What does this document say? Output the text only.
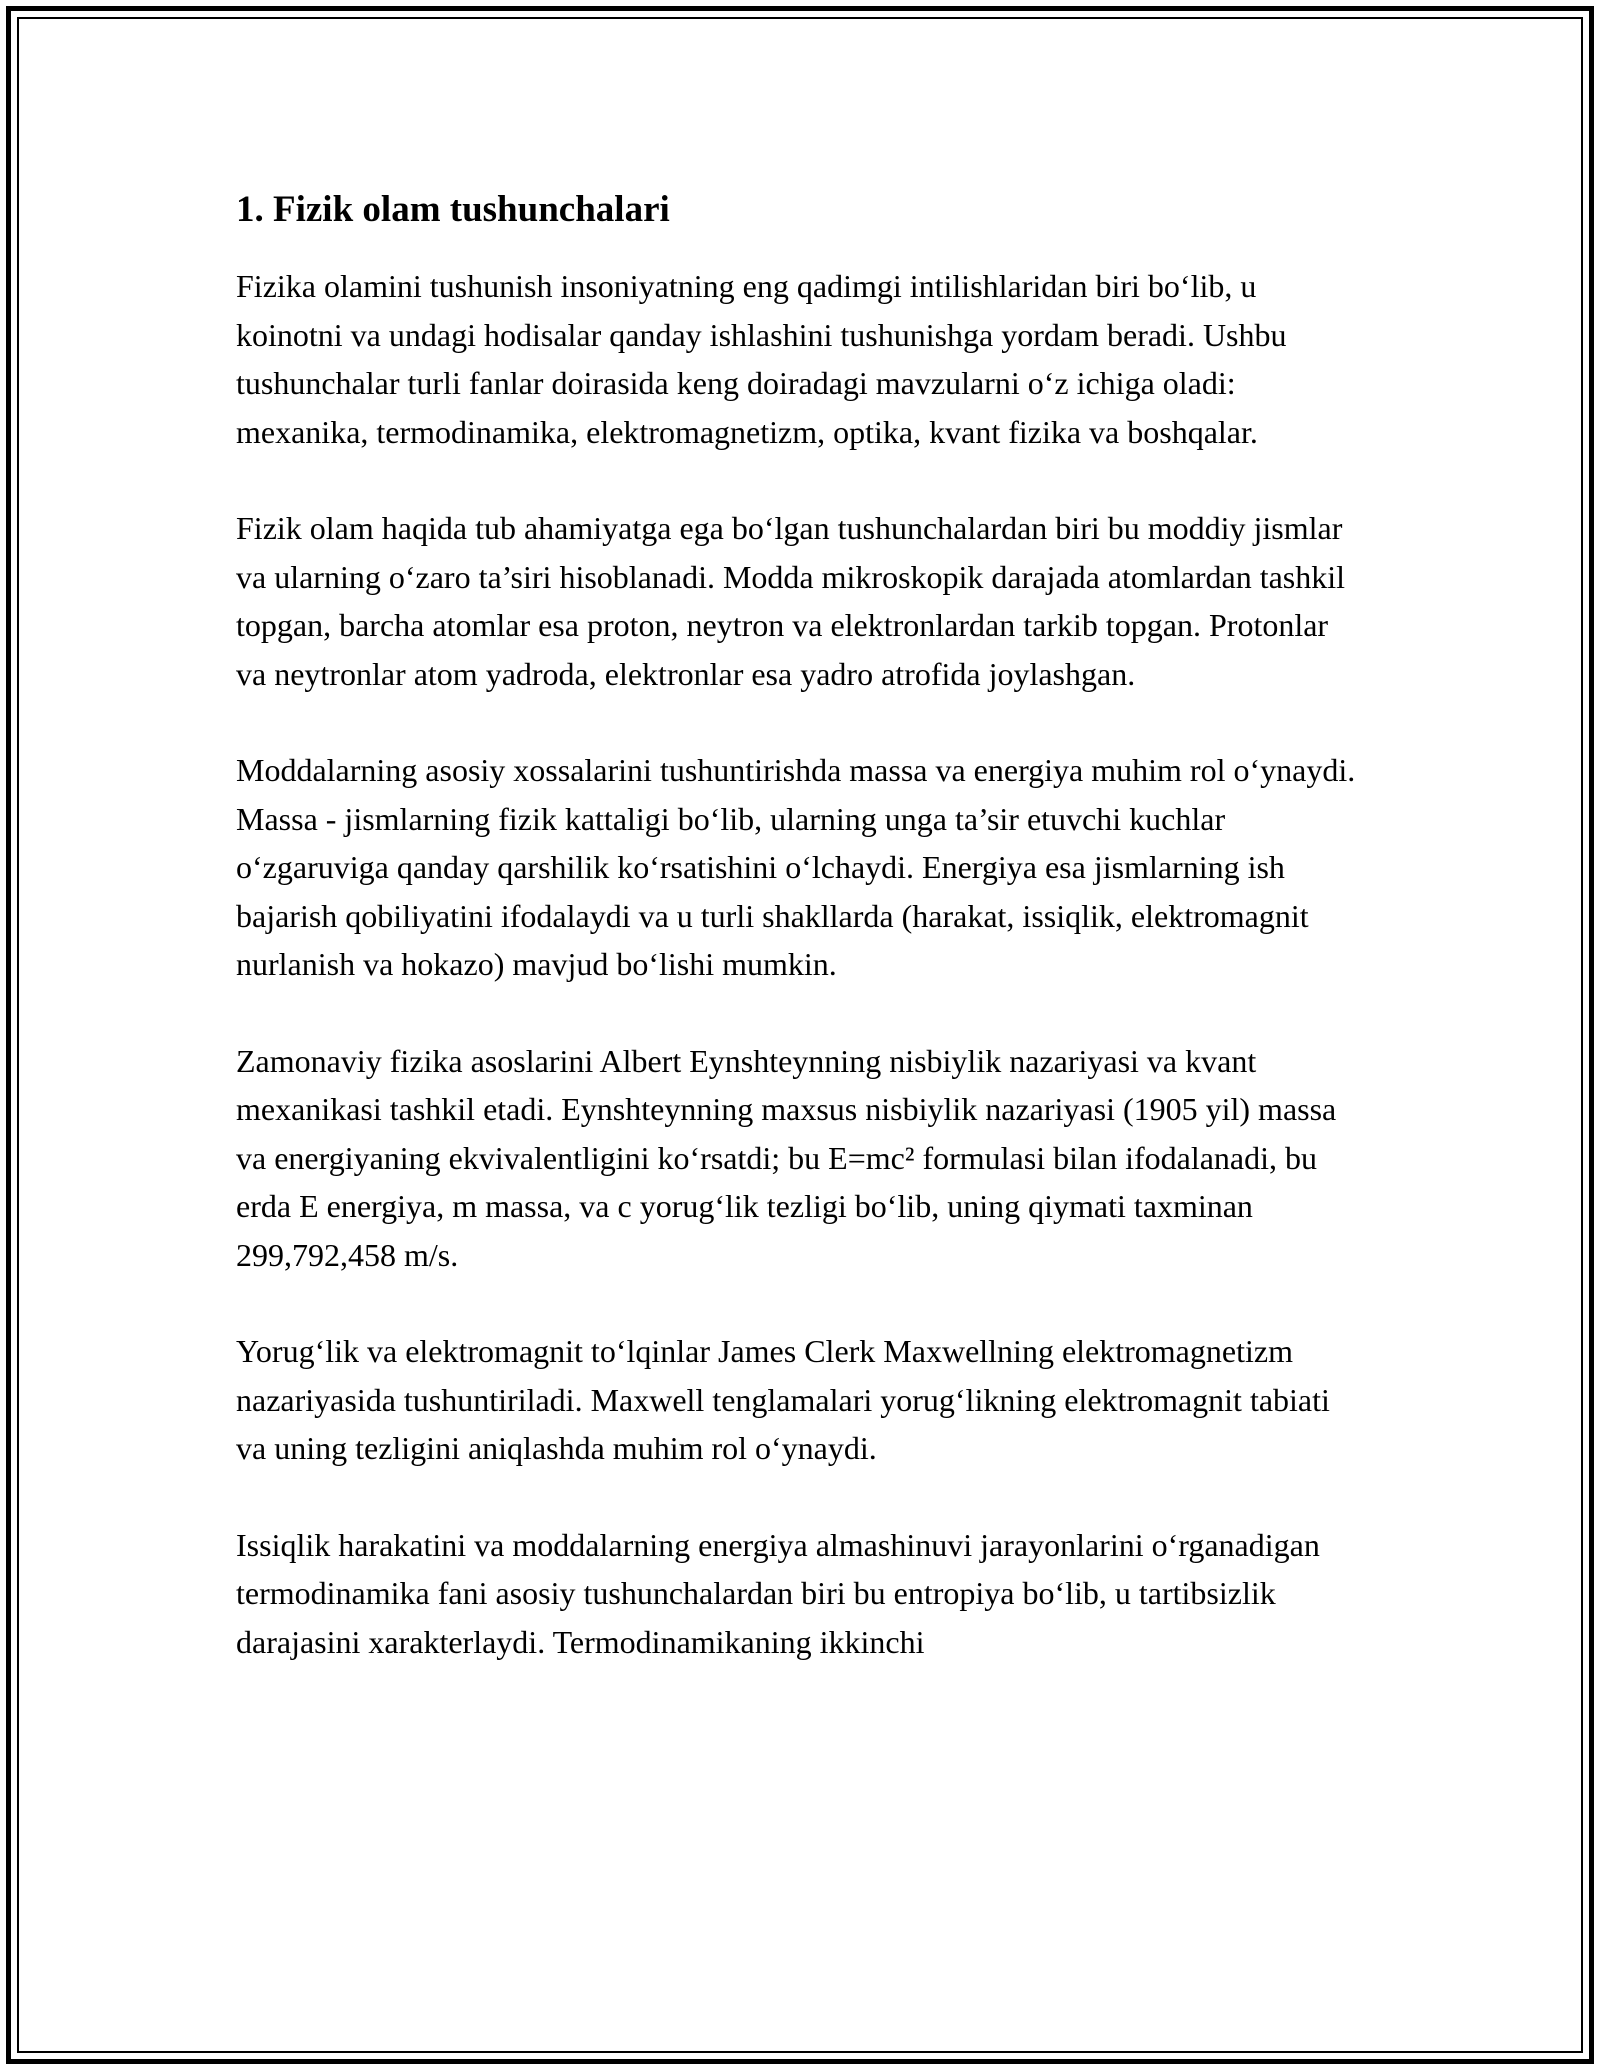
1. Fizik olam tushunchalari

Fizika olamini tushunish insoniyatning eng qadimgi intilishlaridan biri bo‘lib, u koinotni va undagi hodisalar qanday ishlashini tushunishga yordam beradi. Ushbu tushunchalar turli fanlar doirasida keng doiradagi mavzularni o‘z ichiga oladi: mexanika, termodinamika, elektromagnetizm, optika, kvant fizika va boshqalar.

Fizik olam haqida tub ahamiyatga ega bo‘lgan tushunchalardan biri bu moddiy jismlar va ularning o‘zaro ta’siri hisoblanadi. Modda mikroskopik darajada atomlardan tashkil topgan, barcha atomlar esa proton, neytron va elektronlardan tarkib topgan. Protonlar va neytronlar atom yadroda, elektronlar esa yadro atrofida joylashgan.

Moddalarning asosiy xossalarini tushuntirishda massa va energiya muhim rol o‘ynaydi. Massa - jismlarning fizik kattaligi bo‘lib, ularning unga ta’sir etuvchi kuchlar o‘zgaruviga qanday qarshilik ko‘rsatishini o‘lchaydi. Energiya esa jismlarning ish bajarish qobiliyatini ifodalaydi va u turli shakllarda (harakat, issiqlik, elektromagnit nurlanish va hokazo) mavjud bo‘lishi mumkin.

Zamonaviy fizika asoslarini Albert Eynshteynning nisbiylik nazariyasi va kvant mexanikasi tashkil etadi. Eynshteynning maxsus nisbiylik nazariyasi (1905 yil) massa va energiyaning ekvivalentligini ko‘rsatdi; bu E=mc² formulasi bilan ifodalanadi, bu erda E energiya, m massa, va c yorug‘lik tezligi bo‘lib, uning qiymati taxminan 299,792,458 m/s.

Yorug‘lik va elektromagnit to‘lqinlar James Clerk Maxwellning elektromagnetizm nazariyasida tushuntiriladi. Maxwell tenglamalari yorug‘likning elektromagnit tabiati va uning tezligini aniqlashda muhim rol o‘ynaydi.

Issiqlik harakatini va moddalarning energiya almashinuvi jarayonlarini o‘rganadigan termodinamika fani asosiy tushunchalardan biri bu entropiya bo‘lib, u tartibsizlik darajasini xarakterlaydi. Termodinamikaning ikkinchi
